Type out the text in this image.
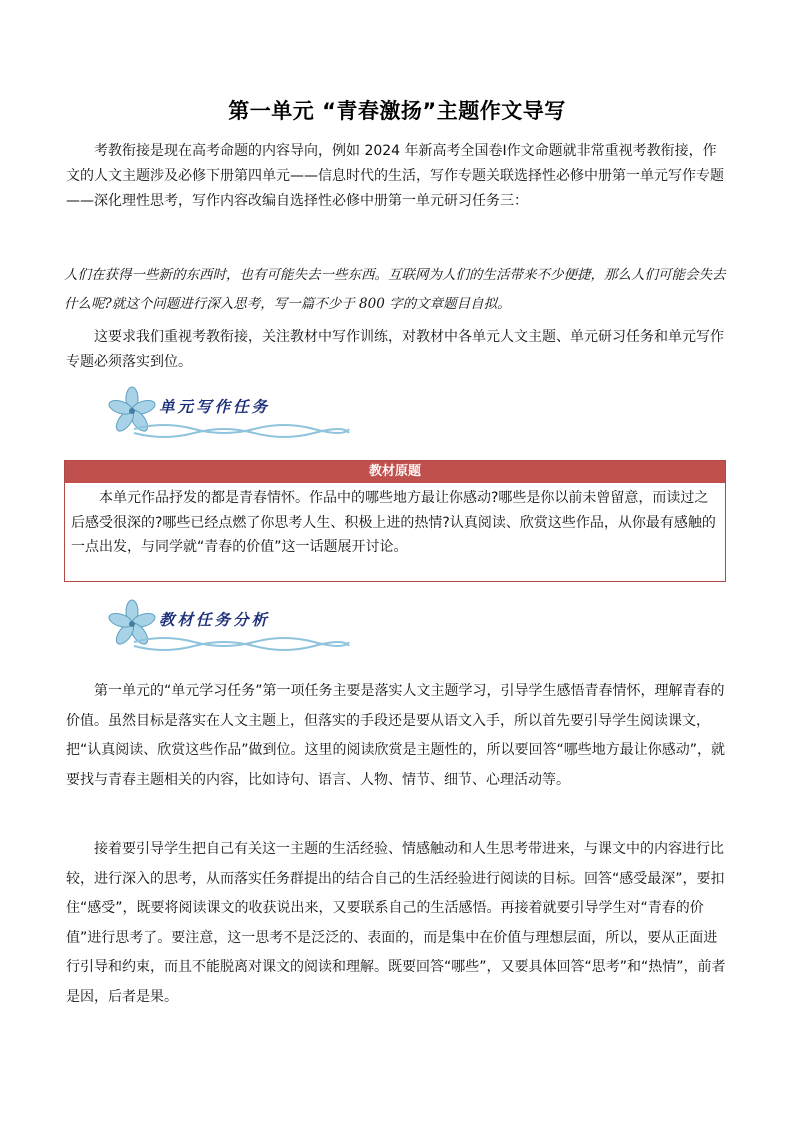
第一单元 “青春激扬”主题作文导写

考教衔接是现在高考命题的内容导向，例如 2024 年新高考全国卷Ⅰ作文命题就非常重视考教衔接，作文的人文主题涉及必修下册第四单元——信息时代的生活，写作专题关联选择性必修中册第一单元写作专题——深化理性思考，写作内容改编自选择性必修中册第一单元研习任务三：

人们在获得一些新的东西时，也有可能失去一些东西。互联网为人们的生活带来不少便捷，那么人们可能会失去什么呢?就这个问题进行深入思考，写一篇不少于 800 字的文章题目自拟。

这要求我们重视考教衔接，关注教材中写作训练，对教材中各单元人文主题、单元研习任务和单元写作专题必须落实到位。

单元写作任务
教材原题

本单元作品抒发的都是青春情怀。作品中的哪些地方最让你感动?哪些是你以前未曾留意，而读过之后感受很深的?哪些已经点燃了你思考人生、积极上进的热情?认真阅读、欣赏这些作品，从你最有感触的一点出发，与同学就“青春的价值”这一话题展开讨论。

教材任务分析

第一单元的“单元学习任务”第一项任务主要是落实人文主题学习，引导学生感悟青春情怀，理解青春的价值。虽然目标是落实在人文主题上，但落实的手段还是要从语文入手，所以首先要引导学生阅读课文，把“认真阅读、欣赏这些作品”做到位。这里的阅读欣赏是主题性的，所以要回答“哪些地方最让你感动”，就要找与青春主题相关的内容，比如诗句、语言、人物、情节、细节、心理活动等。

接着要引导学生把自己有关这一主题的生活经验、情感触动和人生思考带进来，与课文中的内容进行比较，进行深入的思考，从而落实任务群提出的结合自己的生活经验进行阅读的目标。回答“感受最深”，要扣住“感受”，既要将阅读课文的收获说出来，又要联系自己的生活感悟。再接着就要引导学生对“青春的价值”进行思考了。要注意，这一思考不是泛泛的、表面的，而是集中在价值与理想层面，所以，要从正面进行引导和约束，而且不能脱离对课文的阅读和理解。既要回答“哪些”，又要具体回答“思考”和“热情”，前者是因，后者是果。
